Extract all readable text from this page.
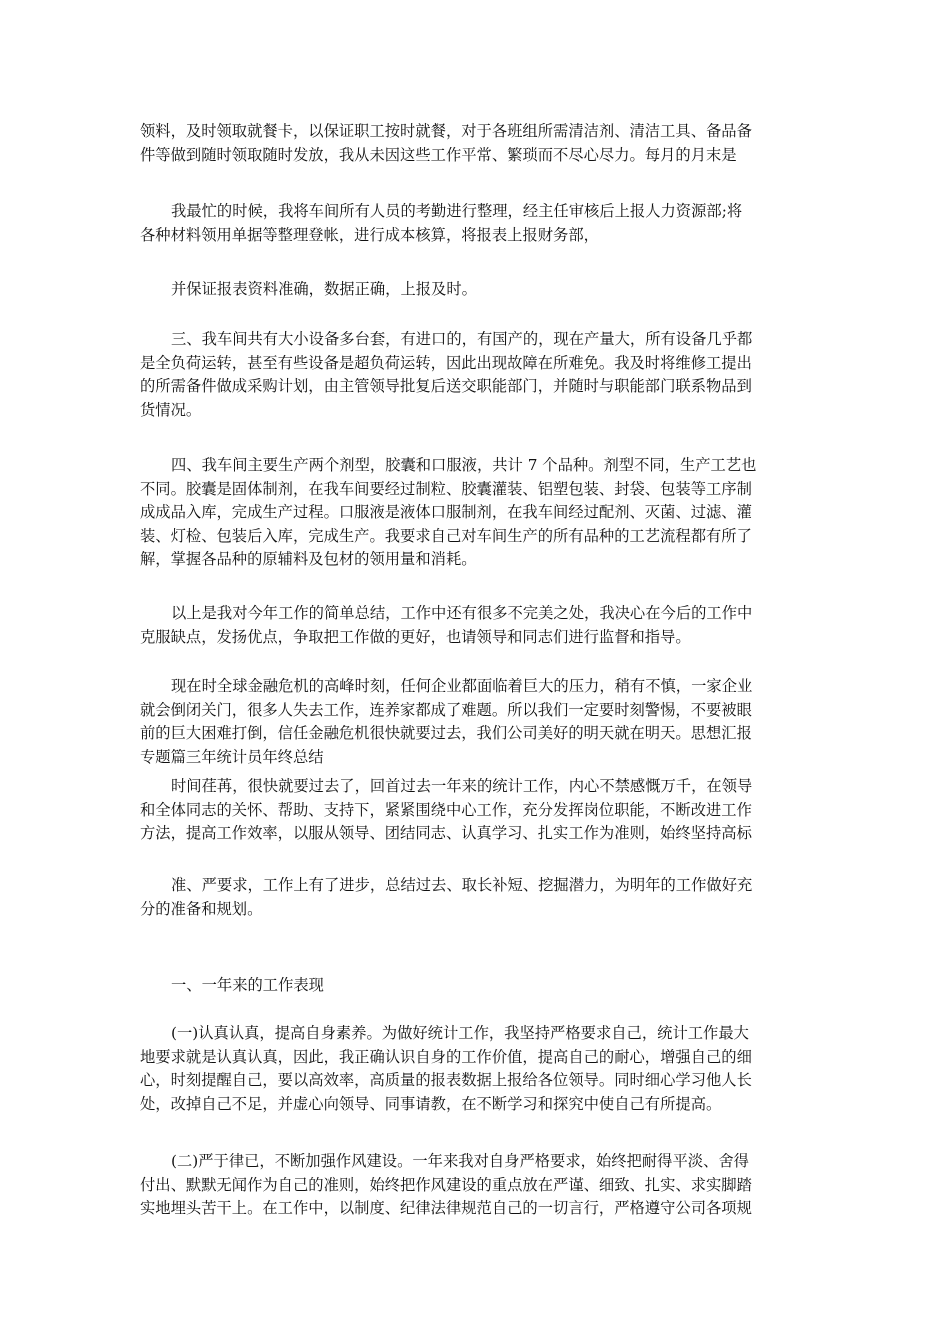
领料，及时领取就餐卡，以保证职工按时就餐，对于各班组所需清洁剂、清洁工具、备品备
件等做到随时领取随时发放，我从未因这些工作平常、繁琐而不尽心尽力。每月的月末是

我最忙的时候，我将车间所有人员的考勤进行整理，经主任审核后上报人力资源部;将
各种材料领用单据等整理登帐，进行成本核算，将报表上报财务部，

并保证报表资料准确，数据正确，上报及时。

三、我车间共有大小设备多台套，有进口的，有国产的，现在产量大，所有设备几乎都
是全负荷运转，甚至有些设备是超负荷运转，因此出现故障在所难免。我及时将维修工提出
的所需备件做成采购计划，由主管领导批复后送交职能部门，并随时与职能部门联系物品到
货情况。

四、我车间主要生产两个剂型，胶囊和口服液，共计 7 个品种。剂型不同，生产工艺也
不同。胶囊是固体制剂，在我车间要经过制粒、胶囊灌装、铝塑包装、封袋、包装等工序制
成成品入库，完成生产过程。口服液是液体口服制剂，在我车间经过配剂、灭菌、过滤、灌
装、灯检、包装后入库，完成生产。我要求自己对车间生产的所有品种的工艺流程都有所了
解，掌握各品种的原辅料及包材的领用量和消耗。

以上是我对今年工作的简单总结，工作中还有很多不完美之处，我决心在今后的工作中
克服缺点，发扬优点，争取把工作做的更好，也请领导和同志们进行监督和指导。

现在时全球金融危机的高峰时刻，任何企业都面临着巨大的压力，稍有不慎，一家企业
就会倒闭关门，很多人失去工作，连养家都成了难题。所以我们一定要时刻警惕，不要被眼
前的巨大困难打倒，信任金融危机很快就要过去，我们公司美好的明天就在明天。思想汇报
专题篇三年统计员年终总结

时间荏苒，很快就要过去了，回首过去一年来的统计工作，内心不禁感慨万千，在领导
和全体同志的关怀、帮助、支持下，紧紧围绕中心工作，充分发挥岗位职能，不断改进工作
方法，提高工作效率，以服从领导、团结同志、认真学习、扎实工作为准则，始终坚持高标

准、严要求，工作上有了进步，总结过去、取长补短、挖掘潜力，为明年的工作做好充
分的准备和规划。

一、一年来的工作表现

(一)认真认真，提高自身素养。为做好统计工作，我坚持严格要求自己，统计工作最大
地要求就是认真认真，因此，我正确认识自身的工作价值，提高自己的耐心，增强自己的细
心，时刻提醒自己，要以高效率，高质量的报表数据上报给各位领导。同时细心学习他人长
处，改掉自己不足，并虚心向领导、同事请教，在不断学习和探究中使自己有所提高。

(二)严于律已，不断加强作风建设。一年来我对自身严格要求，始终把耐得平淡、舍得
付出、默默无闻作为自己的准则，始终把作风建设的重点放在严谨、细致、扎实、求实脚踏
实地埋头苦干上。在工作中，以制度、纪律法律规范自己的一切言行，严格遵守公司各项规
